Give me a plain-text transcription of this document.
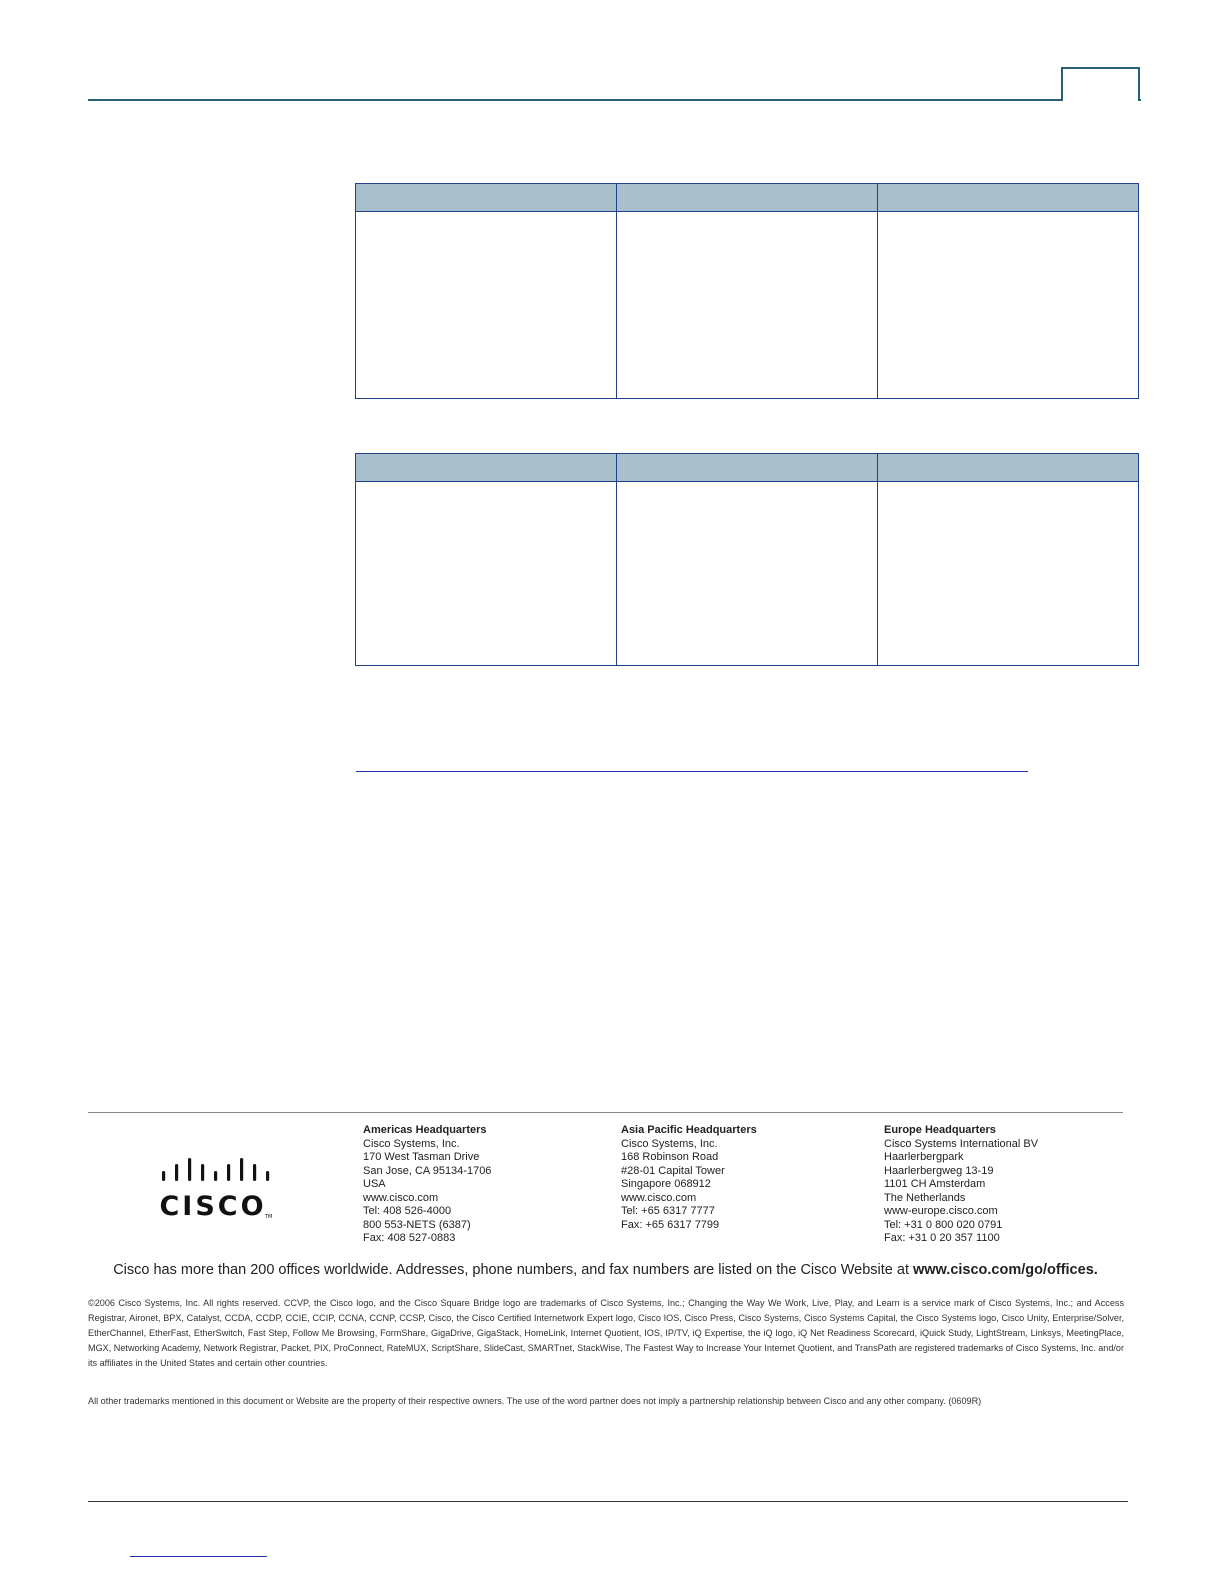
CISCO
TM
Americas Headquarters
Cisco Systems, Inc.
170 West Tasman Drive
San Jose, CA 95134-1706
USA
www.cisco.com
Tel: 408 526-4000
800 553-NETS (6387)
Fax: 408 527-0883
Asia Pacific Headquarters
Cisco Systems, Inc.
168 Robinson Road
#28-01 Capital Tower
Singapore 068912
www.cisco.com
Tel: +65 6317 7777
Fax: +65 6317 7799
Europe Headquarters
Cisco Systems International BV
Haarlerbergpark
Haarlerbergweg 13-19
1101 CH Amsterdam
The Netherlands
www-europe.cisco.com
Tel: +31 0 800 020 0791
Fax: +31 0 20 357 1100
Cisco has more than 200 offices worldwide. Addresses, phone numbers, and fax numbers are listed on the Cisco Website at www.cisco.com/go/offices.
©2006 Cisco Systems, Inc. All rights reserved. CCVP, the Cisco logo, and the Cisco Square Bridge logo are trademarks of Cisco Systems, Inc.; Changing the Way We Work, Live, Play, and Learn is a service mark of Cisco Systems, Inc.; and Access Registrar, Aironet, BPX, Catalyst, CCDA, CCDP, CCIE, CCIP, CCNA, CCNP, CCSP, Cisco, the Cisco Certified Internetwork Expert logo, Cisco IOS, Cisco Press, Cisco Systems, Cisco Systems Capital, the Cisco Systems logo, Cisco Unity, Enterprise/Solver, EtherChannel, EtherFast, EtherSwitch, Fast Step, Follow Me Browsing, FormShare, GigaDrive, GigaStack, HomeLink, Internet Quotient, IOS, IP/TV, iQ Expertise, the iQ logo, iQ Net Readiness Scorecard, iQuick Study, LightStream, Linksys, MeetingPlace, MGX, Networking Academy, Network Registrar, Packet, PIX, ProConnect, RateMUX, ScriptShare, SlideCast, SMARTnet, StackWise, The Fastest Way to Increase Your Internet Quotient, and TransPath are registered trademarks of Cisco Systems, Inc. and/or its affiliates in the United States and certain other countries.
All other trademarks mentioned in this document or Website are the property of their respective owners. The use of the word partner does not imply a partnership relationship between Cisco and any other company. (0609R)
